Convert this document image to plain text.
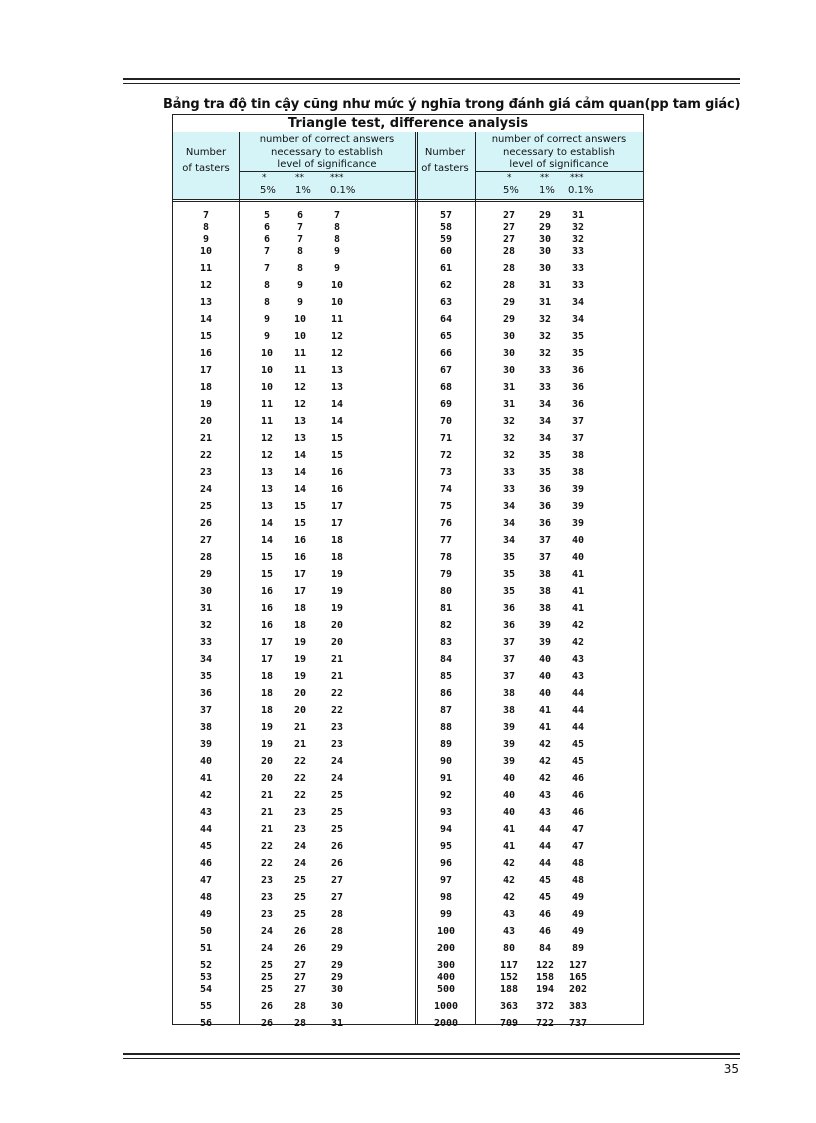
Bảng tra độ tin cậy cũng như mức ý nghĩa trong đánh giá cảm quan(pp tam giác)
Triangle test, difference analysis
Number
of tasters
number of correct answers
necessary to establish
level of significance
*	**	***
5% 1% 0.1%
Number
of tasters
number of correct answers
necessary to establish
level of significance
*	** ***
5% 1% 0.1%
7	5	6	7	57	27	29	31
8	6	7	8	58	27	29	32
9	6	7	8	59	27	30	32
10	7	8	9	60	28	30	33
11	7	8	9	61	28	30	33
12	8	9	10	62	28	31	33
13	8	9	10	63	29	31	34
14	9	10	11	64	29	32	34
15	9	10	12	65	30	32	35
16	10	11	12	66	30	32	35
17	10	11	13	67	30	33	36
18	10	12	13	68	31	33	36
19	11	12	14	69	31	34	36
20	11	13	14	70	32	34	37
21	12	13	15	71	32	34	37
22	12	14	15	72	32	35	38
23	13	14	16	73	33	35	38
24	13	14	16	74	33	36	39
25	13	15	17	75	34	36	39
26	14	15	17	76	34	36	39
27	14	16	18	77	34	37	40
28	15	16	18	78	35	37	40
29	15	17	19	79	35	38	41
30	16	17	19	80	35	38	41
31	16	18	19	81	36	38	41
32	16	18	20	82	36	39	42
33	17	19	20	83	37	39	42
34	17	19	21	84	37	40	43
35	18	19	21	85	37	40	43
36	18	20	22	86	38	40	44
37	18	20	22	87	38	41	44
38	19	21	23	88	39	41	44
39	19	21	23	89	39	42	45
40	20	22	24	90	39	42	45
41	20	22	24	91	40	42	46
42	21	22	25	92	40	43	46
43	21	23	25	93	40	43	46
44	21	23	25	94	41	44	47
45	22	24	26	95	41	44	47
46	22	24	26	96	42	44	48
47	23	25	27	97	42	45	48
48	23	25	27	98	42	45	49
49	23	25	28	99	43	46	49
50	24	26	28	100	43	46	49
51	24	26	29	200	80	84	89
52	25	27	29	300	117	122	127
53	25	27	29	400	152	158	165
54	25	27	30	500	188	194	202
55	26	28	30	1000	363	372	383
56	26	28	31	2000	709	722	737
35
